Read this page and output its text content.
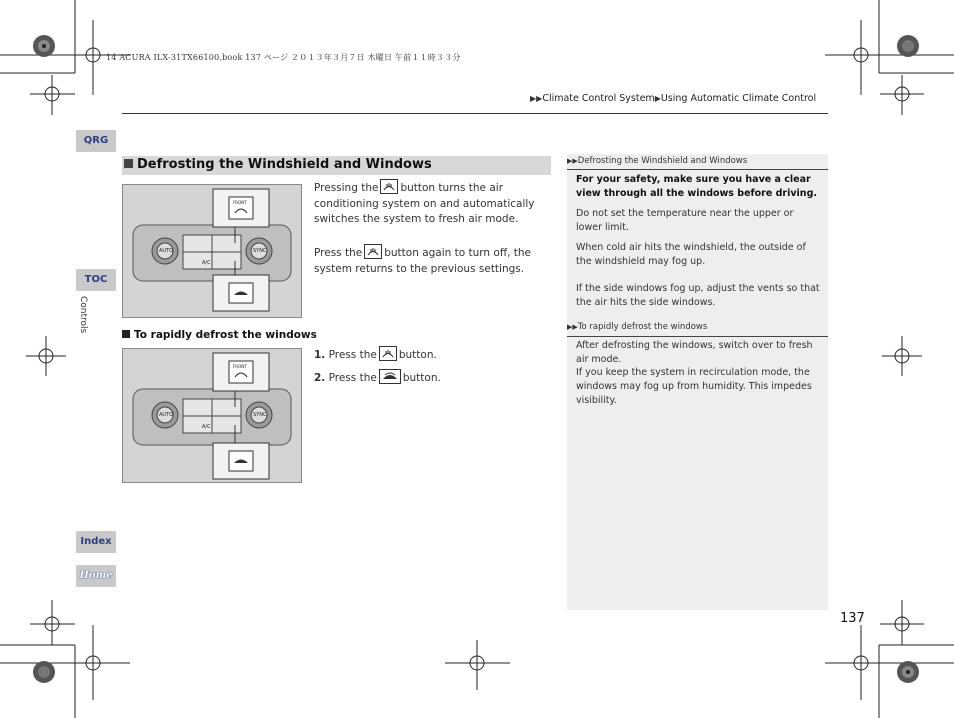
14 ACURA ILX-31TX66100.book 137 ページ ２０１３年３月７日 木曜日 午前１１時３３分
▶▶Climate Control System▶Using Automatic Climate Control
QRG
TOC
Controls
Index
Home
Defrosting the Windshield and Windows
AUTO	SYNC
A/C
FRONT
Pressing the button turns the air conditioning system on and automatically switches the system to fresh air mode.
Press the button again to turn off, the system returns to the previous settings.
To rapidly defrost the windows
AUTO	SYNC
A/C
FRONT
1. Press the button.
2. Press the button.
▶▶Defrosting the Windshield and Windows
For your safety, make sure you have a clear view through all the windows before driving.
Do not set the temperature near the upper or lower limit.
When cold air hits the windshield, the outside of the windshield may fog up.
If the side windows fog up, adjust the vents so that the air hits the side windows.
▶▶To rapidly defrost the windows
After defrosting the windows, switch over to fresh air mode.
If you keep the system in recirculation mode, the windows may fog up from humidity. This impedes visibility.
137
